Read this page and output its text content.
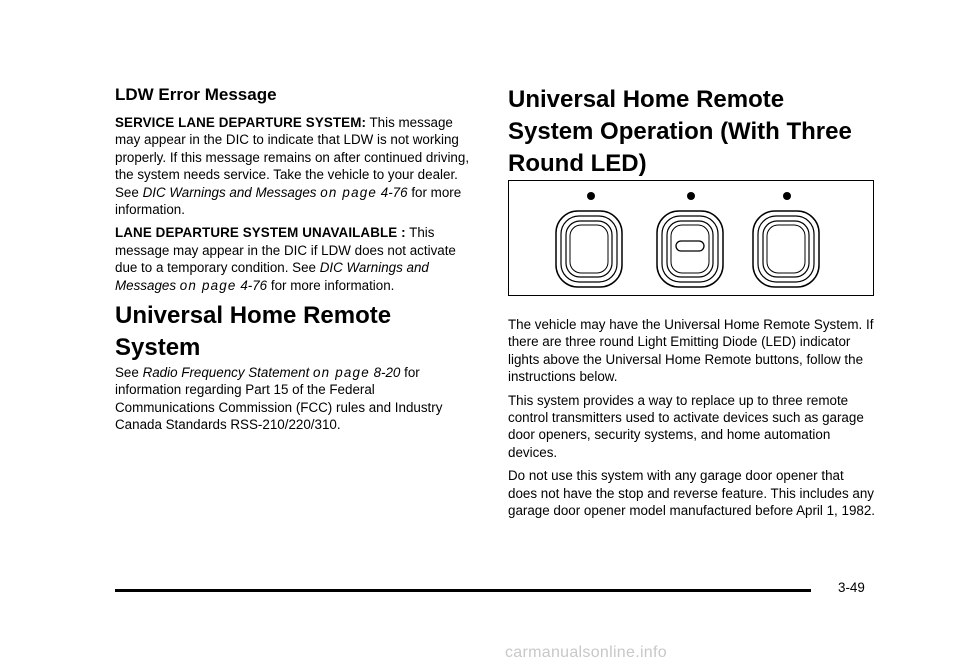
LDW Error Message

SERVICE LANE DEPARTURE SYSTEM: This message may appear in the DIC to indicate that LDW is not working properly. If this message remains on after continued driving, the system needs service. Take the vehicle to your dealer. See DIC Warnings and Messages on page 4-76 for more information.

LANE DEPARTURE SYSTEM UNAVAILABLE : This message may appear in the DIC if LDW does not activate due to a temporary condition. See DIC Warnings and Messages on page 4-76 for more information.

Universal Home Remote System

See Radio Frequency Statement on page 8-20 for information regarding Part 15 of the Federal Communications Commission (FCC) rules and Industry Canada Standards RSS-210/220/310.

Universal Home Remote System Operation (With Three Round LED)

The vehicle may have the Universal Home Remote System. If there are three round Light Emitting Diode (LED) indicator lights above the Universal Home Remote buttons, follow the instructions below.

This system provides a way to replace up to three remote control transmitters used to activate devices such as garage door openers, security systems, and home automation devices.

Do not use this system with any garage door opener that does not have the stop and reverse feature. This includes any garage door opener model manufactured before April 1, 1982.

3-49
carmanualsonline.info
